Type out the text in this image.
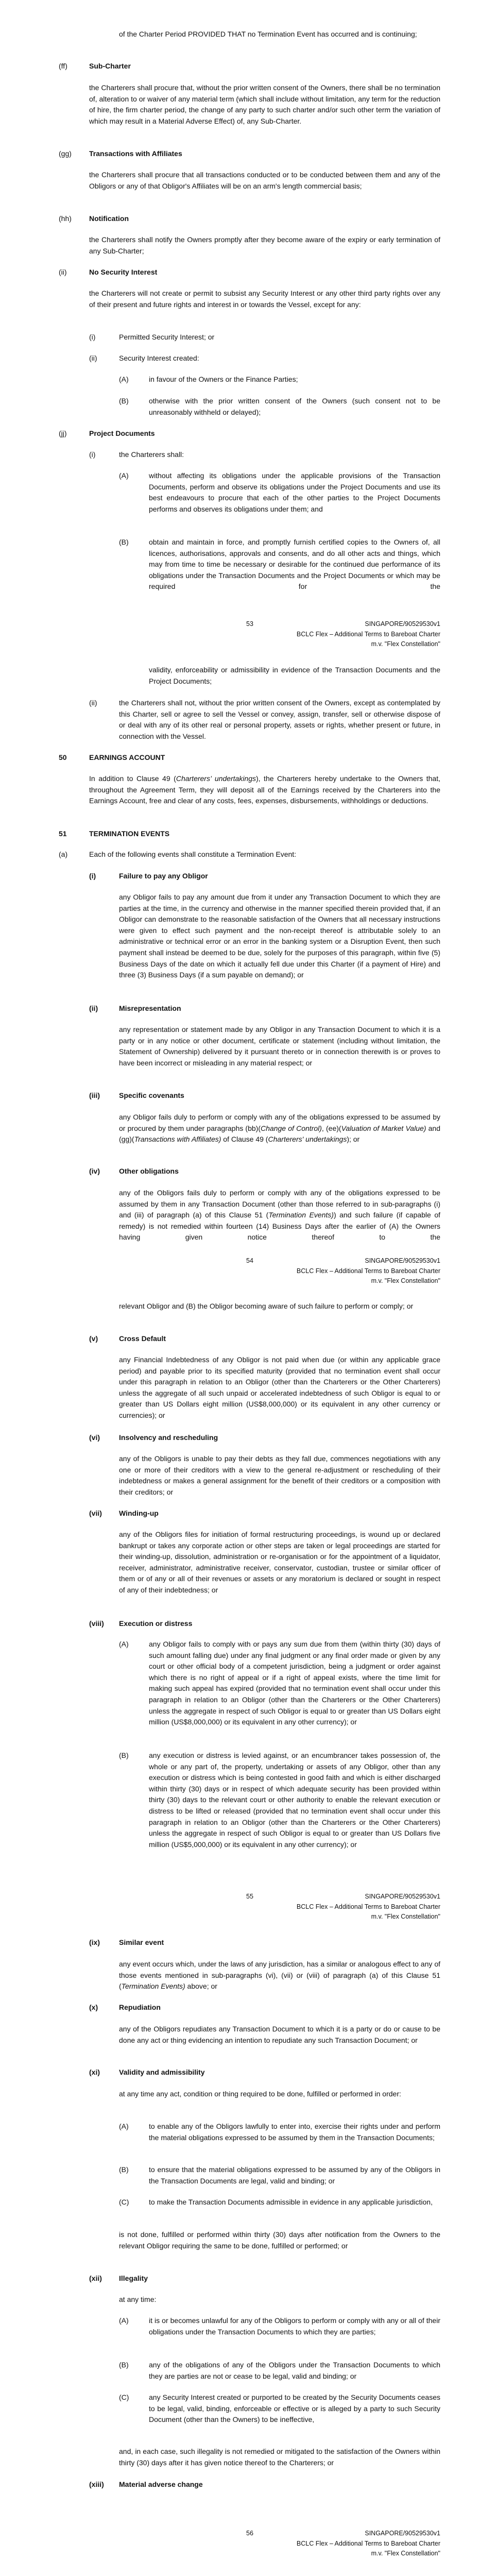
of the Charter Period PROVIDED THAT no Termination Event has occurred and is continuing;

(ff)	Sub-Charter

the Charterers shall procure that, without the prior written consent of the Owners, there shall be no termination of, alteration to or waiver of any material term (which shall include without limitation, any term for the reduction of hire, the firm charter period, the change of any party to such charter and/or such other term the variation of which may result in a Material Adverse Effect) of, any Sub-Charter.

(gg) Transactions with Affiliates

the Charterers shall procure that all transactions conducted or to be conducted between them and any of the Obligors or any of that Obligor's Affiliates will be on an arm's length commercial basis;

(hh) Notification

the Charterers shall notify the Owners promptly after they become aware of the expiry or early termination of any Sub-Charter;

(ii)	No Security Interest

the Charterers will not create or permit to subsist any Security Interest or any other third party rights over any of their present and future rights and interest in or towards the Vessel, except for any:

(i)	Permitted Security Interest; or

(ii)	Security Interest created:

(A)	in favour of the Owners or the Finance Parties;

(B)	otherwise with the prior written consent of the Owners (such consent not to be unreasonably withheld or delayed);

(jj)	Project Documents
(i)	the Charterers shall:

(A)	without affecting its obligations under the applicable provisions of the Transaction Documents, perform and observe its obligations under the Project Documents and use its best endeavours to procure that each of the other parties to the Project Documents performs and observes its obligations under them; and

(B)	obtain and maintain in force, and promptly furnish certified copies to the Owners of, all licences, authorisations, approvals and consents, and do all other acts and things, which may from time to time be necessary or desirable for the continued due performance of its obligations under the Transaction Documents and the Project Documents or which may be required for the

53	SINGAPORE/90529530v1
BCLC Flex – Additional Terms to Bareboat Charter
m.v. "Flex Constellation"

validity, enforceability or admissibility in evidence of the Transaction Documents and the Project Documents;

(ii)	the Charterers shall not, without the prior written consent of the Owners, except as contemplated by this Charter, sell or agree to sell the Vessel or convey, assign, transfer, sell or otherwise dispose of or deal with any of its other real or personal property, assets or rights, whether present or future, in connection with the Vessel.

50	EARNINGS ACCOUNT

In addition to Clause 49 (Charterers’ undertakings), the Charterers hereby undertake to the Owners that, throughout the Agreement Term, they will deposit all of the Earnings received by the Charterers into the Earnings Account, free and clear of any costs, fees, expenses, disbursements, withholdings or deductions.

51	TERMINATION EVENTS
(a)	Each of the following events shall constitute a Termination Event:

(i)	Failure to pay any Obligor

any Obligor fails to pay any amount due from it under any Transaction Document to which they are parties at the time, in the currency and otherwise in the manner specified therein provided that, if an Obligor can demonstrate to the reasonable satisfaction of the Owners that all necessary instructions were given to effect such payment and the non-receipt thereof is attributable solely to an administrative or technical error or an error in the banking system or a Disruption Event, then such payment shall instead be deemed to be due, solely for the purposes of this paragraph, within five (5) Business Days of the date on which it actually fell due under this Charter (if a payment of Hire) and three (3) Business Days (if a sum payable on demand); or

(ii)	Misrepresentation

any representation or statement made by any Obligor in any Transaction Document to which it is a party or in any notice or other document, certificate or statement (including without limitation, the Statement of Ownership) delivered by it pursuant thereto or in connection therewith is or proves to have been incorrect or misleading in any material respect; or

(iii)	Specific covenants

any Obligor fails duly to perform or comply with any of the obligations expressed to be assumed by or procured by them under paragraphs (bb)(Change of Control), (ee)(Valuation of Market Value) and (gg)(Transactions with Affiliates) of Clause 49 (Charterers' undertakings); or

(iv)	Other obligations

any of the Obligors fails duly to perform or comply with any of the obligations expressed to be assumed by them in any Transaction Document (other than those referred to in sub-paragraphs (i) and (iii) of paragraph (a) of this Clause 51 (Termination Events)) and such failure (if capable of remedy) is not remedied within fourteen (14) Business Days after the earlier of (A) the Owners having given notice thereof to the

54	SINGAPORE/90529530v1
BCLC Flex – Additional Terms to Bareboat Charter
m.v. "Flex Constellation"

relevant Obligor and (B) the Obligor becoming aware of such failure to perform or comply; or

(v)	Cross Default

any Financial Indebtedness of any Obligor is not paid when due (or within any applicable grace period) and payable prior to its specified maturity (provided that no termination event shall occur under this paragraph in relation to an Obligor (other than the Charterers or the Other Charterers) unless the aggregate of all such unpaid or accelerated indebtedness of such Obligor is equal to or greater than US Dollars eight million (US$8,000,000) or its equivalent in any other currency or currencies); or

(vi)	Insolvency and rescheduling

any of the Obligors is unable to pay their debts as they fall due, commences negotiations with any one or more of their creditors with a view to the general re-adjustment or rescheduling of their indebtedness or makes a general assignment for the benefit of their creditors or a composition with their creditors; or

(vii) Winding-up

any of the Obligors files for initiation of formal restructuring proceedings, is wound up or declared bankrupt or takes any corporate action or other steps are taken or legal proceedings are started for their winding-up, dissolution, administration or re-organisation or for the appointment of a liquidator, receiver, administrator, administrative receiver, conservator, custodian, trustee or similar officer of them or of any or all of their revenues or assets or any moratorium is declared or sought in respect of any of their indebtedness; or

(viii) Execution or distress
(A)	any Obligor fails to comply with or pays any sum due from them (within thirty (30) days of such amount falling due) under any final judgment or any final order made or given by any court or other official body of a competent jurisdiction, being a judgment or order against which there is no right of appeal or if a right of appeal exists, where the time limit for making such appeal has expired (provided that no termination event shall occur under this paragraph in relation to an Obligor (other than the Charterers or the Other Charterers) unless the aggregate in respect of such Obligor is equal to or greater than US Dollars eight million (US$8,000,000) or its equivalent in any other currency); or

(B)	any execution or distress is levied against, or an encumbrancer takes possession of, the whole or any part of, the property, undertaking or assets of any Obligor, other than any execution or distress which is being contested in good faith and which is either discharged within thirty (30) days or in respect of which adequate security has been provided within thirty (30) days to the relevant court or other authority to enable the relevant execution or distress to be lifted or released (provided that no termination event shall occur under this paragraph in relation to an Obligor (other than the Charterers or the Other Charterers) unless the aggregate in respect of such Obligor is equal to or greater than US Dollars five million (US$5,000,000) or its equivalent in any other currency); or

55	SINGAPORE/90529530v1
BCLC Flex – Additional Terms to Bareboat Charter
m.v. "Flex Constellation"
(ix)	Similar event

any event occurs which, under the laws of any jurisdiction, has a similar or analogous effect to any of those events mentioned in sub-paragraphs (vi), (vii) or (viii) of paragraph (a) of this Clause 51 (Termination Events) above; or

(x)	Repudiation

any of the Obligors repudiates any Transaction Document to which it is a party or do or cause to be done any act or thing evidencing an intention to repudiate any such Transaction Document; or

(xi)	Validity and admissibility

at any time any act, condition or thing required to be done, fulfilled or performed in order:

(A)	to enable any of the Obligors lawfully to enter into, exercise their rights under and perform the material obligations expressed to be assumed by them in the Transaction Documents;

(B)	to ensure that the material obligations expressed to be assumed by any of the Obligors in the Transaction Documents are legal, valid and binding; or

(C)	to make the Transaction Documents admissible in evidence in any applicable jurisdiction,

is not done, fulfilled or performed within thirty (30) days after notification from the Owners to the relevant Obligor requiring the same to be done, fulfilled or performed; or

(xii) Illegality

at any time:

(A)	it is or becomes unlawful for any of the Obligors to perform or comply with any or all of their obligations under the Transaction Documents to which they are parties;

(B)	any of the obligations of any of the Obligors under the Transaction Documents to which they are parties are not or cease to be legal, valid and binding; or

(C)	any Security Interest created or purported to be created by the Security Documents ceases to be legal, valid, binding, enforceable or effective or is alleged by a party to such Security Document (other than the Owners) to be ineffective,

and, in each case, such illegality is not remedied or mitigated to the satisfaction of the Owners within thirty (30) days after it has given notice thereof to the Charterers; or

(xiii) Material adverse change
56	SINGAPORE/90529530v1
BCLC Flex – Additional Terms to Bareboat Charter
m.v. "Flex Constellation"
